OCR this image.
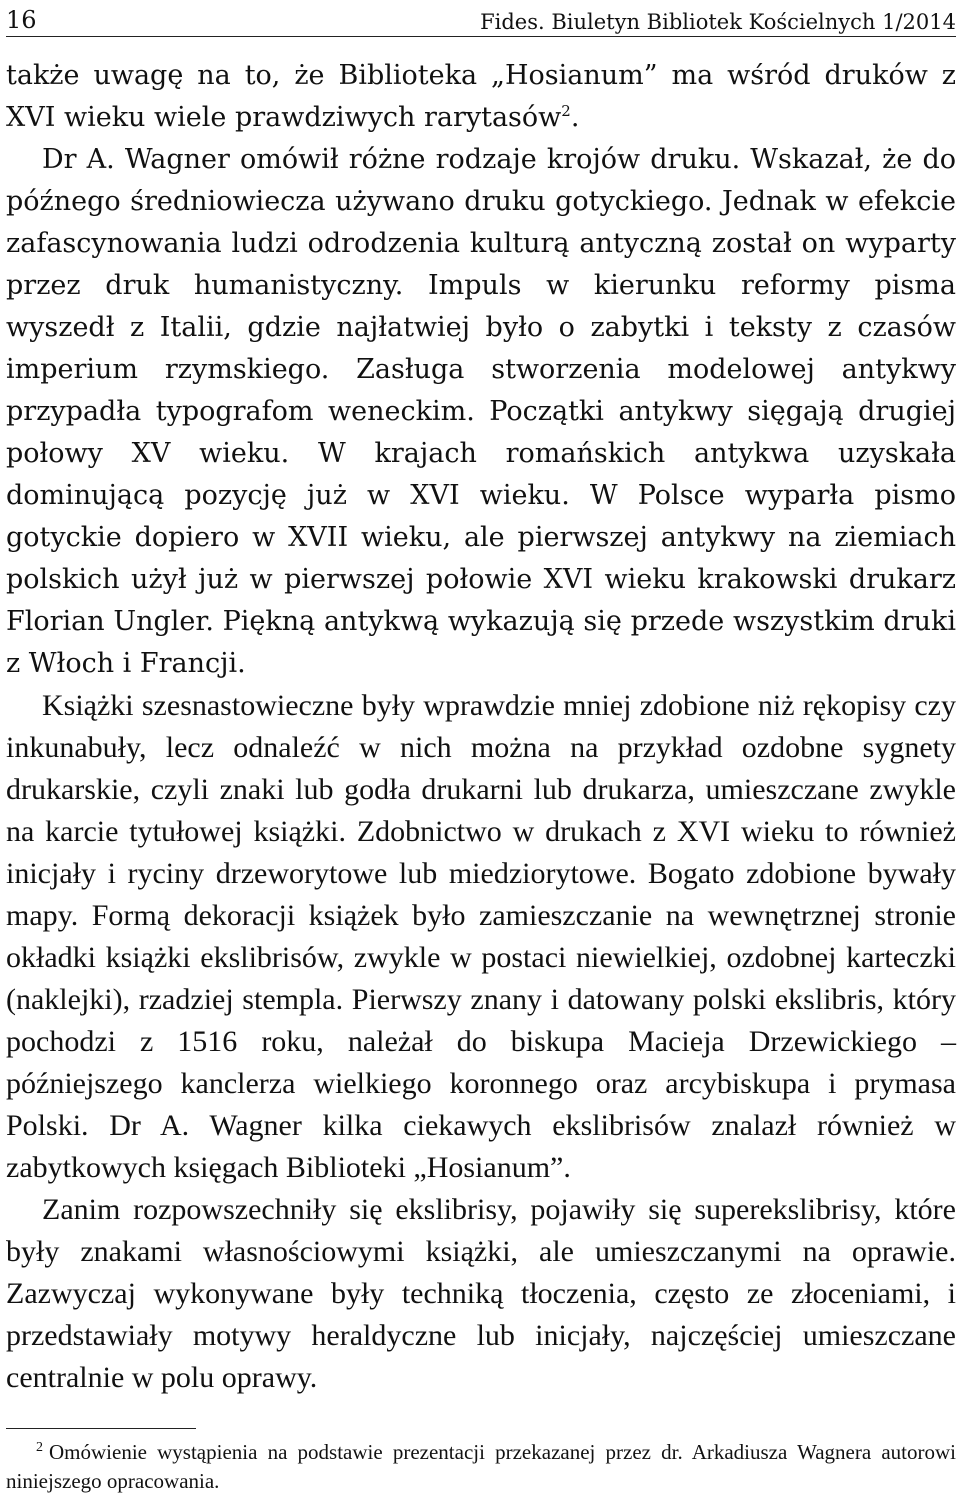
16	Fides. Biuletyn Bibliotek Kościelnych 1/2014

także uwagę na to, że Biblioteka „Hosianum” ma wśród druków z XVI wieku wiele prawdziwych rarytasów$^2$.

Dr A. Wagner omówił różne rodzaje krojów druku. Wskazał, że do późnego średniowiecza używano druku gotyckiego. Jednak w efekcie zafascynowania ludzi odrodzenia kulturą antyczną został on wyparty przez druk humanistyczny. Impuls w kierunku reformy pisma wyszedł z Italii, gdzie najłatwiej było o zabytki i teksty z czasów imperium rzymskiego. Zasługa stworzenia modelowej antykwy przypadła typografom weneckim. Początki antykwy sięgają drugiej połowy XV wieku. W krajach romańskich antykwa uzyskała dominującą pozycję już w XVI wieku. W Polsce wyparła pismo gotyckie dopiero w XVII wieku, ale pierwszej antykwy na ziemiach polskich użył już w pierwszej połowie XVI wieku krakowski drukarz Florian Ungler. Piękną antykwą wykazują się przede wszystkim druki z Włoch i Francji.

Książki szesnastowieczne były wprawdzie mniej zdobione niż rękopisy czy inkunabuły, lecz odnaleźć w nich można na przykład ozdobne sygnety drukarskie, czyli znaki lub godła drukarni lub drukarza, umieszczane zwykle na karcie tytułowej książki. Zdobnictwo w drukach z XVI wieku to również inicjały i ryciny drzeworytowe lub miedziorytowe. Bogato zdobione bywały mapy. Formą dekoracji książek było zamieszczanie na wewnętrznej stronie okładki książki ekslibrisów, zwykle w postaci niewielkiej, ozdobnej karteczki (naklejki), rzadziej stempla. Pierwszy znany i datowany polski ekslibris, który pochodzi z 1516 roku, należał do biskupa Macieja Drzewickiego – późniejszego kanclerza wielkiego koronnego oraz arcybiskupa i prymasa Polski. Dr A. Wagner kilka ciekawych ekslibrisów znalazł również w zabytkowych księgach Biblioteki „Hosianum”.

Zanim rozpowszechniły się ekslibrisy, pojawiły się superekslibrisy, które były znakami własnościowymi książki, ale umieszczanymi na oprawie. Zazwyczaj wykonywane były techniką tłoczenia, często ze złoceniami, i przedstawiały motywy heraldyczne lub inicjały, najczęściej umieszczane centralnie w polu oprawy.

$^2$ Omówienie wystąpienia na podstawie prezentacji przekazanej przez dr. Arkadiusza Wagnera autorowi niniejszego opracowania.
